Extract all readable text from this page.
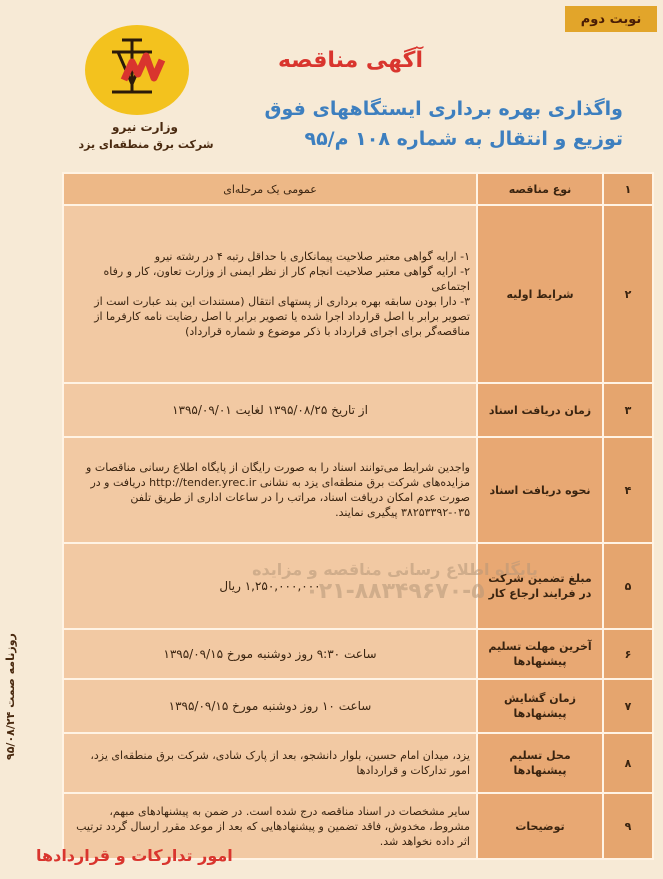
نوبت دوم
وزارت نیرو
شرکت برق منطقه‌ای یزد
آگهی مناقصه
واگذاری بهره برداری ایستگاههای فوق
توزیع و انتقال به شماره ۱۰۸ م/۹۵
۱	نوع مناقصه	عمومی یک مرحله‌ای
۲	شرایط اولیه	۱- ارایه گواهی معتبر صلاحیت پیمانکاری با حداقل رتبه ۴ در رشته نیرو
۲- ارایه گواهی معتبر صلاحیت انجام کار از نظر ایمنی از وزارت تعاون، کار و رفاه اجتماعی
۳- دارا بودن سابقه بهره برداری از پستهای انتقال (مستندات این بند عبارت است از تصویر برابر با اصل قرارداد اجرا شده یا تصویر برابر با اصل رضایت نامه کارفرما از مناقصه‌گر برای اجرای قرارداد با ذکر موضوع و شماره قرارداد)

۳	زمان دریافت اسناد	از تاریخ ۱۳۹۵/۰۸/۲۵ لغایت ۱۳۹۵/۰۹/۰۱
۴	نحوه دریافت اسناد	واجدین شرایط می‌توانند اسناد را به صورت رایگان از پایگاه اطلاع رسانی مناقصات و مزایده‌های شرکت برق منطقه‌ای یزد به نشانی http://tender.yrec.ir دریافت و در صورت عدم امکان دریافت اسناد، مراتب را در ساعات اداری از طریق تلفن ۰۳۵-۳۸۲۵۳۳۹۲ پیگیری نمایند.
۵	مبلغ تضمین شرکت در فرایند ارجاع کار	۱,۲۵۰,۰۰۰,۰۰۰ ریال
۶	آخرین مهلت تسلیم پیشنهادها	ساعت ۹:۳۰ روز دوشنبه مورخ ۱۳۹۵/۰۹/۱۵
۷	زمان گشایش پیشنهادها	ساعت ۱۰ روز دوشنبه مورخ ۱۳۹۵/۰۹/۱۵
۸	محل تسلیم پیشنهادها	یزد، میدان امام حسین، بلوار دانشجو، بعد از پارک شادی، شرکت برق منطقه‌ای یزد، امور تدارکات و قراردادها
۹	توضیحات	سایر مشخصات در اسناد مناقصه درج شده است. در ضمن به پیشنهادهای مبهم، مشروط، مخدوش، فاقد تضمین و پیشنهادهایی که بعد از موعد مقرر ارسال گردد ترتیب اثر داده نخواهد شد.
پایگاه اطلاع رسانی مناقصه و مزایده
۰۲۱-۸۸۳۴۹۶۷۰-۵
روزنامه صمت ۹۵/۰۸/۲۴
امور تدارکات و قراردادها
